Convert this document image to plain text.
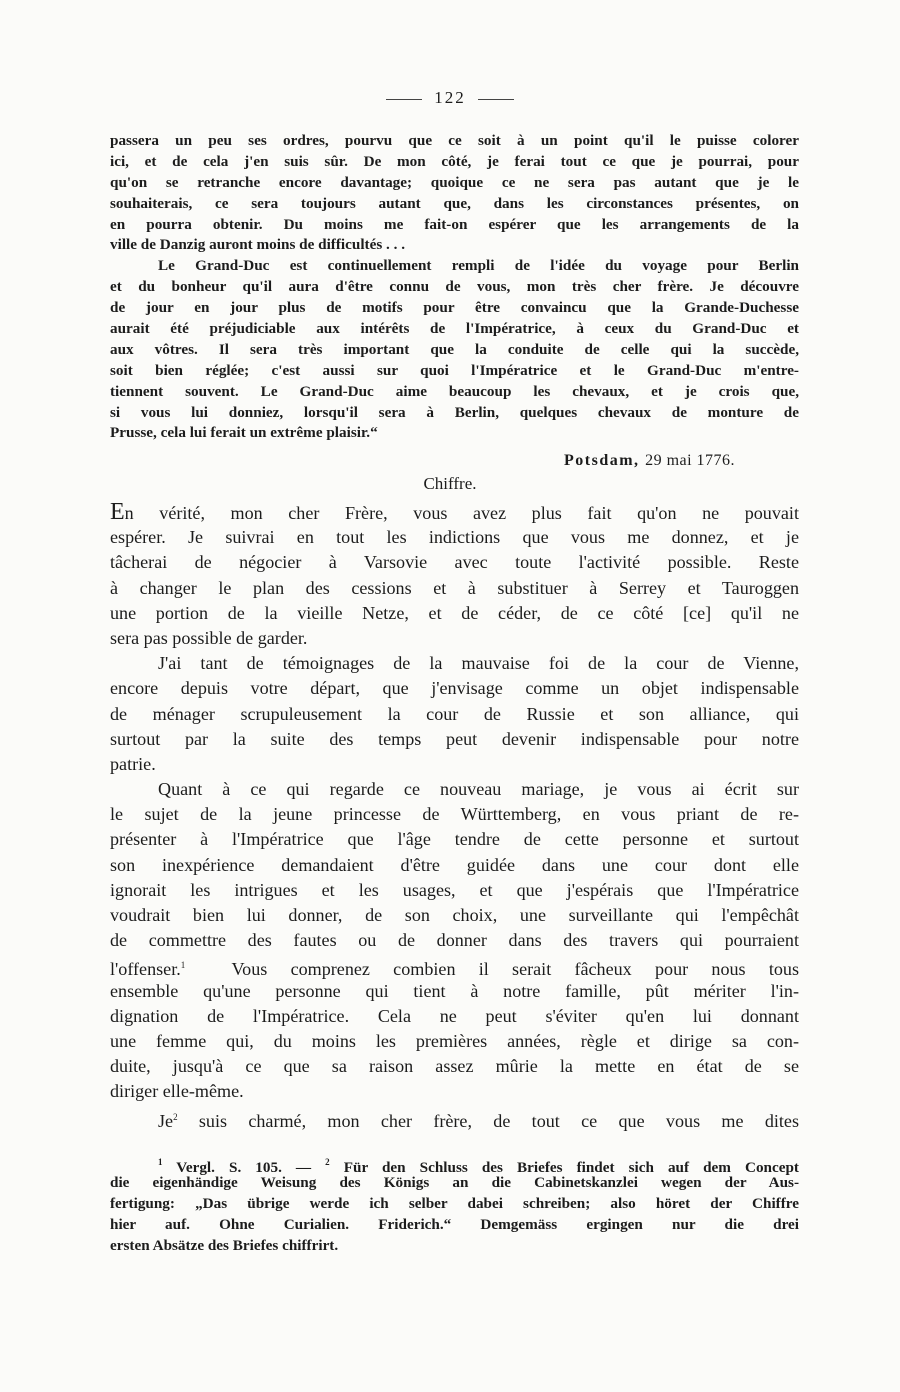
122
passera un peu ses ordres, pourvu que ce soit à un point qu'il le puisse colorer
ici, et de cela j'en suis sûr. De mon côté, je ferai tout ce que je pourrai, pour
qu'on se retranche encore davantage; quoique ce ne sera pas autant que je le
souhaiterais, ce sera toujours autant que, dans les circonstances présentes, on
en pourra obtenir. Du moins me fait-on espérer que les arrangements de la
ville de Danzig auront moins de difficultés . . .
Le Grand-Duc est continuellement rempli de l'idée du voyage pour Berlin
et du bonheur qu'il aura d'être connu de vous, mon très cher frère. Je découvre
de jour en jour plus de motifs pour être convaincu que la Grande-Duchesse
aurait été préjudiciable aux intérêts de l'Impératrice, à ceux du Grand-Duc et
aux vôtres. Il sera très important que la conduite de celle qui la succède,
soit bien réglée; c'est aussi sur quoi l'Impératrice et le Grand-Duc m'entre-
tiennent souvent. Le Grand-Duc aime beaucoup les chevaux, et je crois que,
si vous lui donniez, lorsqu'il sera à Berlin, quelques chevaux de monture de
Prusse, cela lui ferait un extrême plaisir.“
Potsdam, 29 mai 1776.
Chiffre.
En vérité, mon cher Frère, vous avez plus fait qu'on ne pouvait
espérer. Je suivrai en tout les indictions que vous me donnez, et je
tâcherai de négocier à Varsovie avec toute l'activité possible. Reste
à changer le plan des cessions et à substituer à Serrey et Tauroggen
une portion de la vieille Netze, et de céder, de ce côté [ce] qu'il ne
sera pas possible de garder.
J'ai tant de témoignages de la mauvaise foi de la cour de Vienne,
encore depuis votre départ, que j'envisage comme un objet indispensable
de ménager scrupuleusement la cour de Russie et son alliance, qui
surtout par la suite des temps peut devenir indispensable pour notre
patrie.
Quant à ce qui regarde ce nouveau mariage, je vous ai écrit sur
le sujet de la jeune princesse de Württemberg, en vous priant de re-
présenter à l'Impératrice que l'âge tendre de cette personne et surtout
son inexpérience demandaient d'être guidée dans une cour dont elle
ignorait les intrigues et les usages, et que j'espérais que l'Impératrice
voudrait bien lui donner, de son choix, une surveillante qui l'empêchât
de commettre des fautes ou de donner dans des travers qui pourraient
l'offenser.$^1$	Vous comprenez combien il serait fâcheux pour nous tous
ensemble qu'une personne qui tient à notre famille, pût mériter l'in-
dignation de l'Impératrice. Cela ne peut s'éviter qu'en lui donnant
une femme qui, du moins les premières années, règle et dirige sa con-
duite, jusqu'à ce que sa raison assez mûrie la mette en état de se
diriger elle-même.
Je$^2$ suis charmé, mon cher frère, de tout ce que vous me dites
$^1$ Vergl. S. 105. — $^2$ Für den Schluss des Briefes findet sich auf dem Concept
die eigenhändige Weisung des Königs an die Cabinetskanzlei wegen der Aus-
fertigung: „Das übrige werde ich selber dabei schreiben; also höret der Chiffre
hier auf. Ohne Curialien. Friderich.“ Demgemäss ergingen nur die drei
ersten Absätze des Briefes chiffrirt.
